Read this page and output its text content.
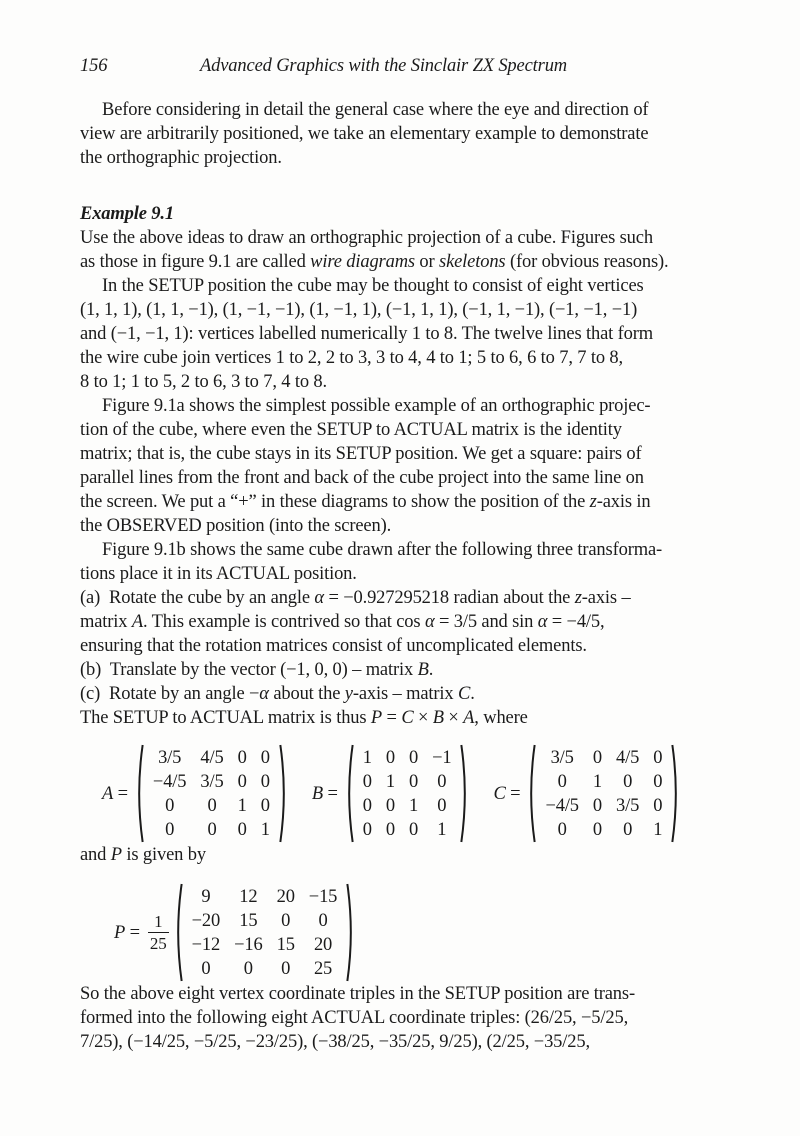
156	Advanced Graphics with the Sinclair ZX Spectrum

Before considering in detail the general case where the eye and direction of
view are arbitrarily positioned, we take an elementary example to demonstrate
the orthographic projection.

Example 9.1

Use the above ideas to draw an orthographic projection of a cube. Figures such
as those in figure 9.1 are called wire diagrams or skeletons (for obvious reasons).

In the SETUP position the cube may be thought to consist of eight vertices
(1, 1, 1), (1, 1, −1), (1, −1, −1), (1, −1, 1), (−1, 1, 1), (−1, 1, −1), (−1, −1, −1)
and (−1, −1, 1): vertices labelled numerically 1 to 8. The twelve lines that form
the wire cube join vertices 1 to 2, 2 to 3, 3 to 4, 4 to 1; 5 to 6, 6 to 7, 7 to 8,
8 to 1; 1 to 5, 2 to 6, 3 to 7, 4 to 8.

Figure 9.1a shows the simplest possible example of an orthographic projec-
tion of the cube, where even the SETUP to ACTUAL matrix is the identity
matrix; that is, the cube stays in its SETUP position. We get a square: pairs of
parallel lines from the front and back of the cube project into the same line on
the screen. We put a “+” in these diagrams to show the position of the z-axis in
the OBSERVED position (into the screen).

Figure 9.1b shows the same cube drawn after the following three transforma-
tions place it in its ACTUAL position.

(a)  Rotate the cube by an angle α = −0.927295218 radian about the z-axis –
matrix A. This example is contrived so that cos α = 3/5 and sin α = −4/5,
ensuring that the rotation matrices consist of uncomplicated elements.

(b)  Translate by the vector (−1, 0, 0) – matrix B.

(c)  Rotate by an angle −α about the y-axis – matrix C.

The SETUP to ACTUAL matrix is thus P = C × B × A, where

A =
3/5	4/5	0	0
−4/5	3/5	0	0
0	0	1	0
0	0	0	1
B =
1	0	0	−1
0	1	0	0
0	0	1	0
0	0	0	1
C =
3/5	0	4/5	0
0	1	0	0
−4/5	0	3/5	0
0	0	0	1

and P is given by

$P = \frac{1}{25}$
9	12	20	−15
−20	15	0	0
−12	−16	15	20
0	0	0	25

So the above eight vertex coordinate triples in the SETUP position are trans-
formed into the following eight ACTUAL coordinate triples: (26/25, −5/25,
7/25), (−14/25, −5/25, −23/25), (−38/25, −35/25, 9/25), (2/25, −35/25,
